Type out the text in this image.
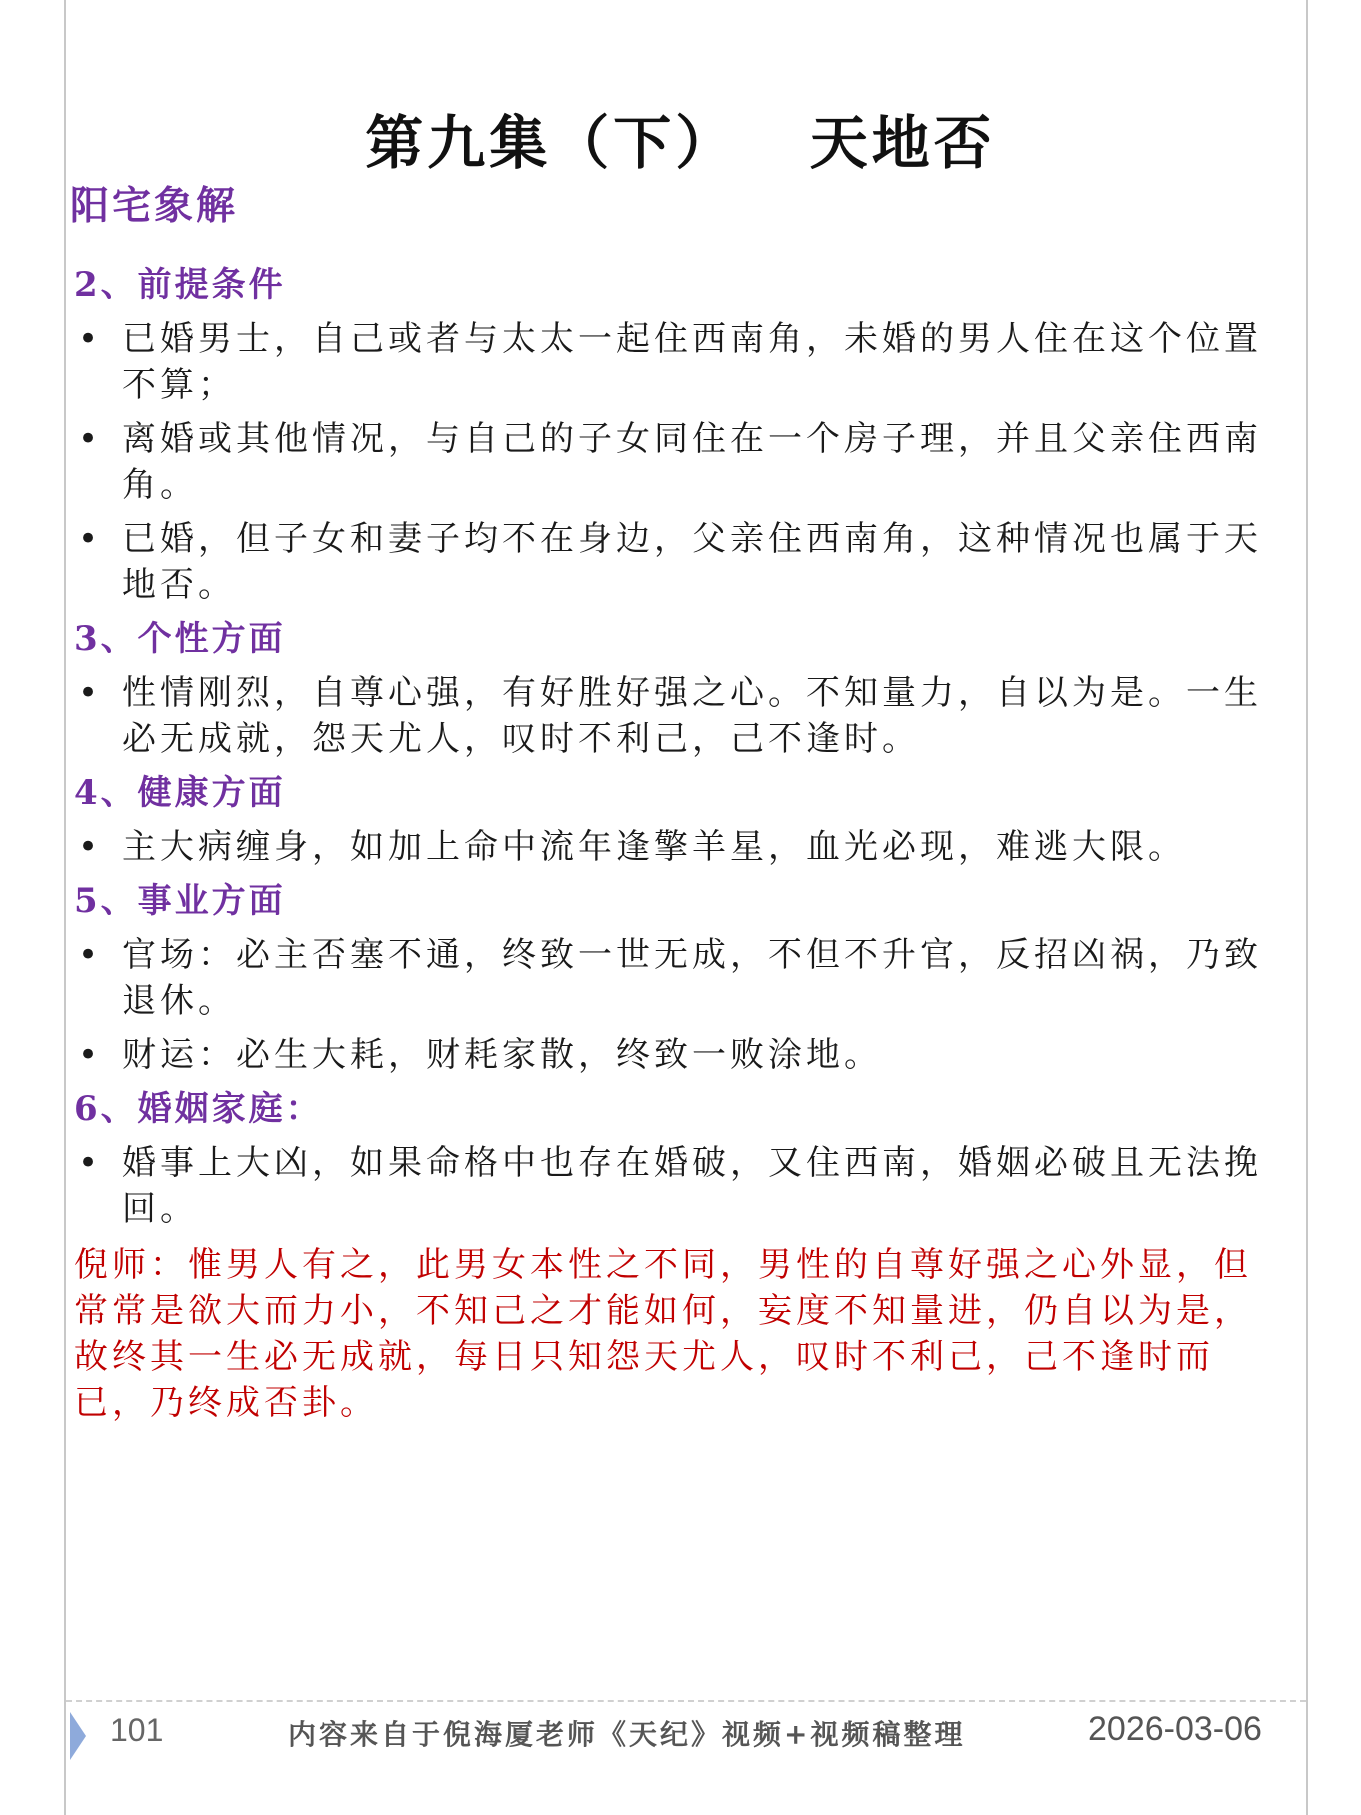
第九集（下）   天地否
阳宅象解
2、前提条件
• 已婚男士，自己或者与太太一起住西南角，未婚的男人住在这个位置不算；
• 离婚或其他情况，与自己的子女同住在一个房子理，并且父亲住西南角。
• 已婚，但子女和妻子均不在身边，父亲住西南角，这种情况也属于天地否。
3、个性方面
• 性情刚烈，自尊心强，有好胜好强之心。不知量力，自以为是。一生必无成就，怨天尤人，叹时不利己，己不逢时。
4、健康方面
• 主大病缠身，如加上命中流年逢擎羊星，血光必现，难逃大限。
5、事业方面
• 官场：必主否塞不通，终致一世无成，不但不升官，反招凶祸，乃致退休。
• 财运：必生大耗，财耗家散，终致一败涂地。
6、婚姻家庭：
• 婚事上大凶，如果命格中也存在婚破，又住西南，婚姻必破且无法挽回。
倪师：惟男人有之，此男女本性之不同，男性的自尊好强之心外显，但常常是欲大而力小，不知己之才能如何，妄度不知量进，仍自以为是，故终其一生必无成就，每日只知怨天尤人，叹时不利己，己不逢时而已，乃终成否卦。
101	内容来自于倪海厦老师《天纪》视频+视频稿整理	2026-03-06
